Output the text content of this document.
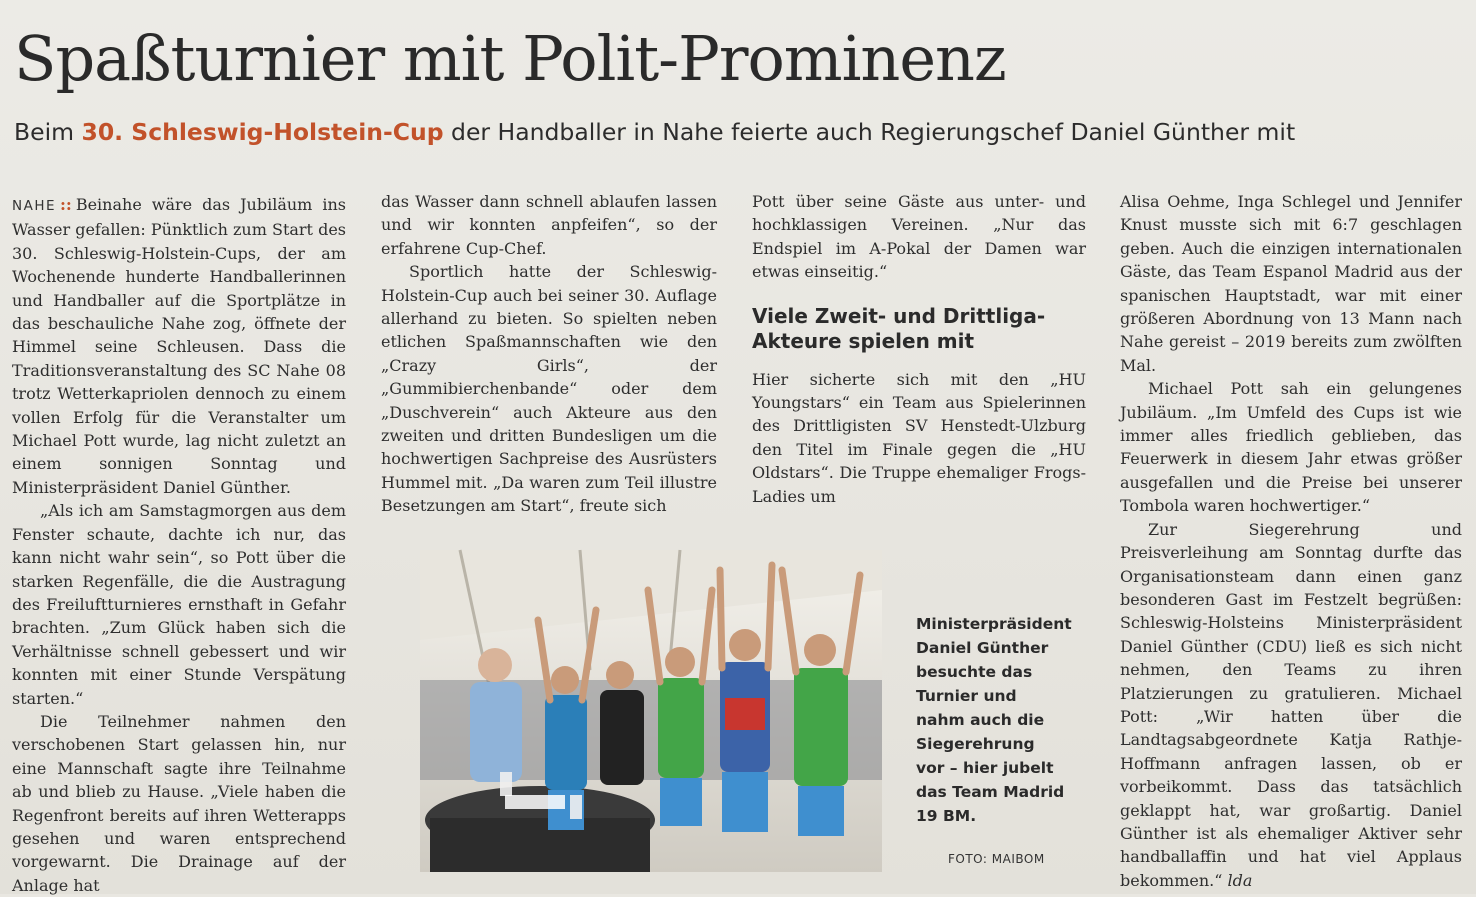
Spaßturnier mit Polit-Prominenz
Beim 30. Schleswig-Holstein-Cup der Handballer in Nahe feierte auch Regierungschef Daniel Günther mit

NAHE :: Beinahe wäre das Jubiläum ins Wasser gefallen: Pünktlich zum Start des 30. Schleswig-Holstein-Cups, der am Wochenende hunderte Handballerinnen und Handballer auf die Sportplätze in das beschauliche Nahe zog, öffnete der Himmel seine Schleusen. Dass die Traditionsveranstaltung des SC Nahe 08 trotz Wetterkapriolen dennoch zu einem vollen Erfolg für die Veranstalter um Michael Pott wurde, lag nicht zuletzt an einem sonnigen Sonntag und Ministerpräsident Daniel Günther.

„Als ich am Samstagmorgen aus dem Fenster schaute, dachte ich nur, das kann nicht wahr sein“, so Pott über die starken Regenfälle, die die Austragung des Freiluftturnieres ernsthaft in Gefahr brachten. „Zum Glück haben sich die Verhältnisse schnell gebessert und wir konnten mit einer Stunde Verspätung starten.“

Die Teilnehmer nahmen den verschobenen Start gelassen hin, nur eine Mannschaft sagte ihre Teilnahme ab und blieb zu Hause. „Viele haben die Regenfront bereits auf ihren Wetterapps gesehen und waren entsprechend vorgewarnt. Die Drainage auf der Anlage hat

das Wasser dann schnell ablaufen lassen und wir konnten anpfeifen“, so der erfahrene Cup-Chef.

Sportlich hatte der Schleswig-Holstein-Cup auch bei seiner 30. Auflage allerhand zu bieten. So spielten neben etlichen Spaßmannschaften wie den „Crazy Girls“, der „Gummibierchenbande“ oder dem „Duschverein“ auch Akteure aus den zweiten und dritten Bundesligen um die hochwertigen Sachpreise des Ausrüsters Hummel mit. „Da waren zum Teil illustre Besetzungen am Start“, freute sich

Pott über seine Gäste aus unter- und hochklassigen Vereinen. „Nur das Endspiel im A-Pokal der Damen war etwas einseitig.“

Viele Zweit- und Drittliga-Akteure spielen mit

Hier sicherte sich mit den „HU Youngstars“ ein Team aus Spielerinnen des Drittligisten SV Henstedt-Ulzburg den Titel im Finale gegen die „HU Oldstars“. Die Truppe ehemaliger Frogs-Ladies um

Alisa Oehme, Inga Schlegel und Jennifer Knust musste sich mit 6:7 geschlagen geben. Auch die einzigen internationalen Gäste, das Team Espanol Madrid aus der spanischen Hauptstadt, war mit einer größeren Abordnung von 13 Mann nach Nahe gereist – 2019 bereits zum zwölften Mal.

Michael Pott sah ein gelungenes Jubiläum. „Im Umfeld des Cups ist wie immer alles friedlich geblieben, das Feuerwerk in diesem Jahr etwas größer ausgefallen und die Preise bei unserer Tombola waren hochwertiger.“

Zur Siegerehrung und Preisverleihung am Sonntag durfte das Organisationsteam dann einen ganz besonderen Gast im Festzelt begrüßen: Schleswig-Holsteins Ministerpräsident Daniel Günther (CDU) ließ es sich nicht nehmen, den Teams zu ihren Platzierungen zu gratulieren. Michael Pott: „Wir hatten über die Landtagsabgeordnete Katja Rathje-Hoffmann anfragen lassen, ob er vorbeikommt. Dass das tatsächlich geklappt hat, war großartig. Daniel Günther ist als ehemaliger Aktiver sehr handballaffin und hat viel Applaus bekommen.“ lda

Ministerpräsident Daniel Günther besuchte das Turnier und nahm auch die Siegerehrung vor – hier jubelt das Team Madrid 19 BM.
FOTO: MAIBOM
